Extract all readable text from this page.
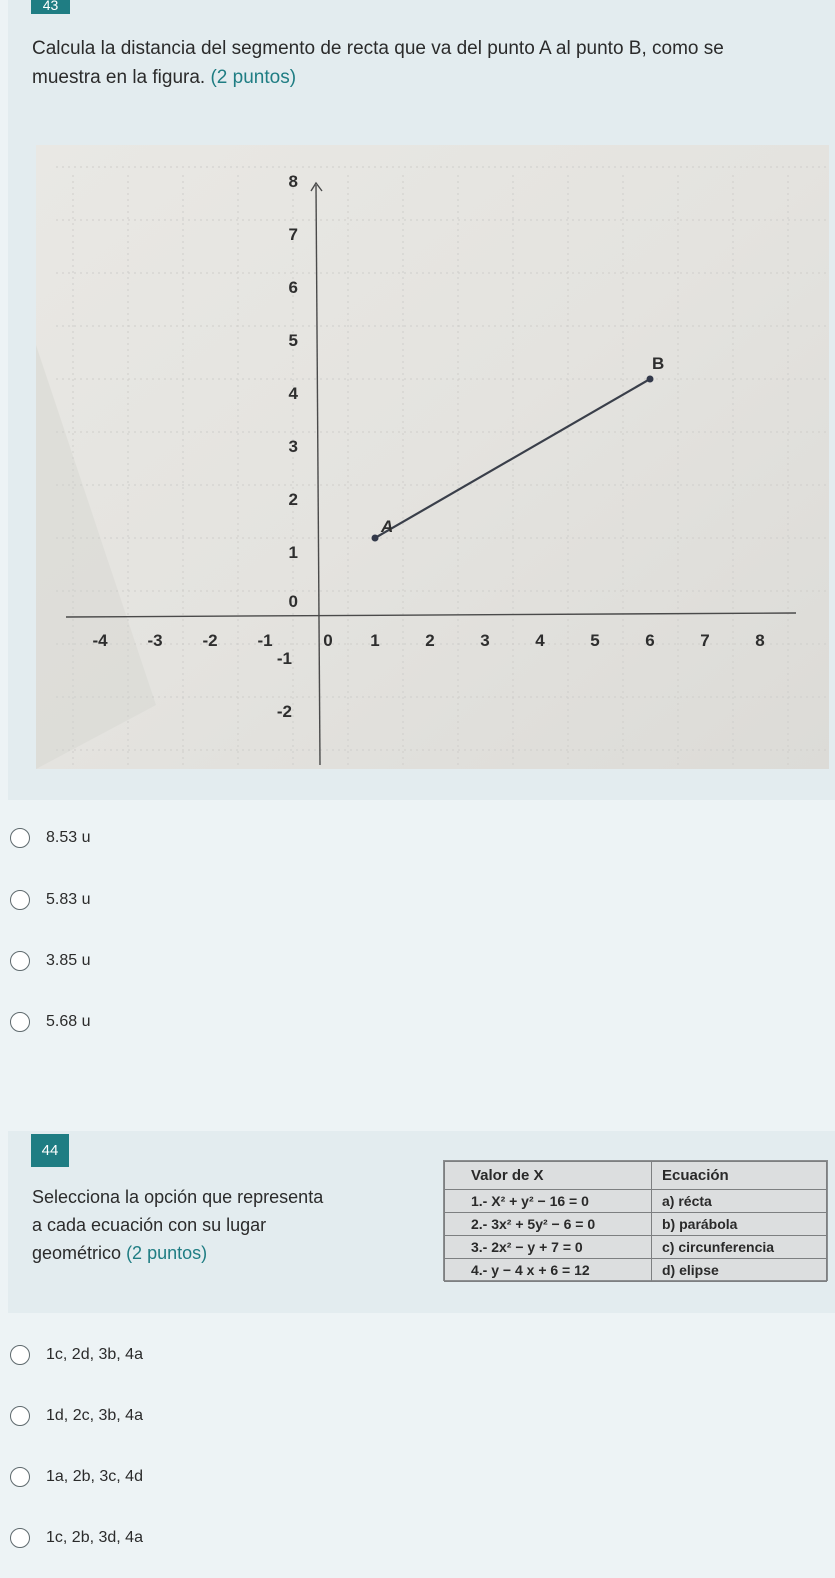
43
Calcula la distancia del segmento de recta que va del punto A al punto B, como se
muestra en la figura. (2 puntos)
-4 -3 -2 -1	0 1	2	3	4	5	6	7	8
8
7
6
5
4
3
2
1
0
-1
-2
A
B
8.53 u
5.83 u
3.85 u
5.68 u
44
Selecciona la opción que representa
a cada ecuación con su lugar
geométrico (2 puntos)
Valor de X	Ecuación
1.- X² + y² − 16 = 0	a) récta
2.- 3x² + 5y² − 6 = 0	b) parábola
3.- 2x² − y + 7 = 0	c) circunferencia
4.- y − 4 x + 6 = 12	d) elipse
1c, 2d, 3b, 4a
1d, 2c, 3b, 4a
1a, 2b, 3c, 4d
1c, 2b, 3d, 4a
